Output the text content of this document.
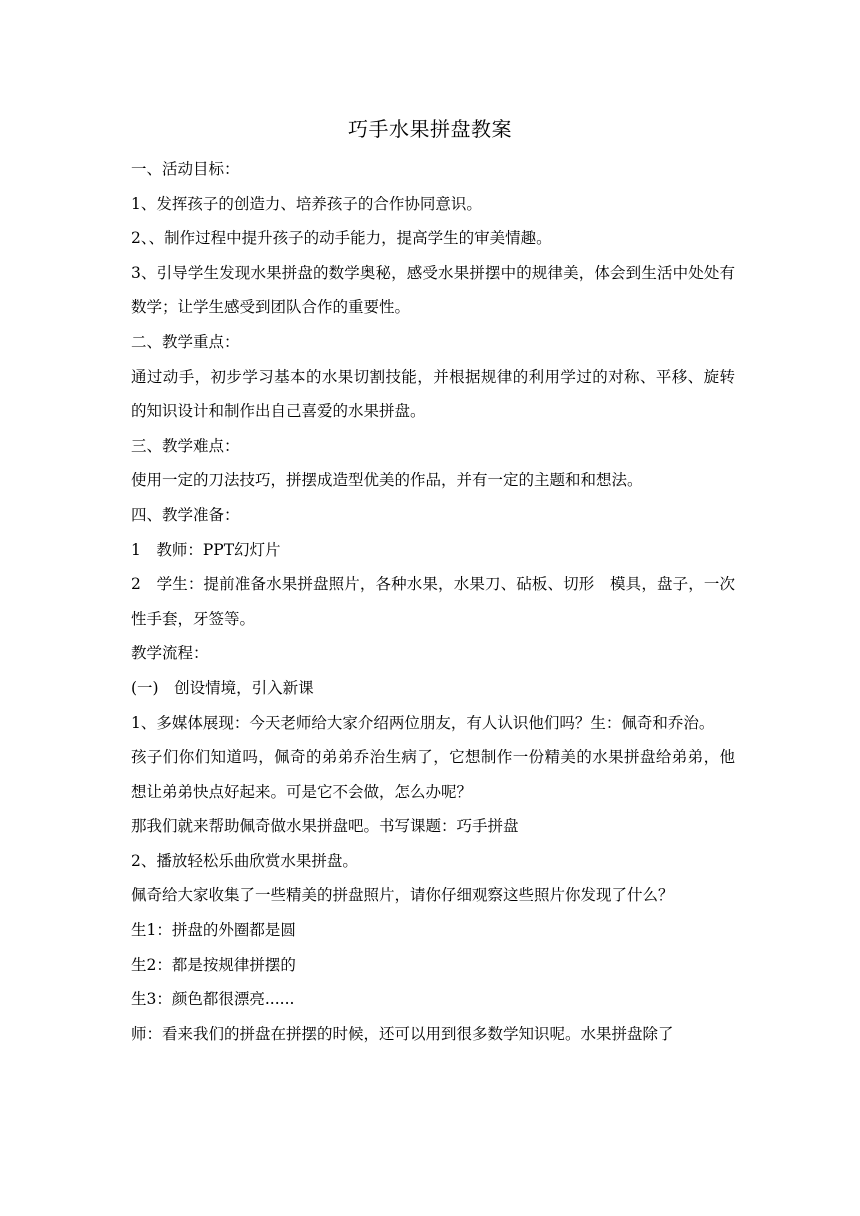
巧手水果拼盘教案

一、活动目标：

1、发挥孩子的创造力、培养孩子的合作协同意识。

2、、制作过程中提升孩子的动手能力，提高学生的审美情趣。

3、引导学生发现水果拼盘的数学奥秘，感受水果拼摆中的规律美，体会到生活中处处有数学；让学生感受到团队合作的重要性。

二、教学重点：

通过动手，初步学习基本的水果切割技能，并根据规律的利用学过的对称、平移、旋转的知识设计和制作出自己喜爱的水果拼盘。

三、教学难点：

使用一定的刀法技巧，拼摆成造型优美的作品，并有一定的主题和和想法。

四、教学准备：

1　教师：PPT幻灯片

2　学生：提前准备水果拼盘照片，各种水果，水果刀、砧板、切形　模具，盘子，一次性手套，牙签等。

教学流程：

(一)　创设情境，引入新课

1、多媒体展现：今天老师给大家介绍两位朋友，有人认识他们吗？生：佩奇和乔治。

孩子们你们知道吗，佩奇的弟弟乔治生病了，它想制作一份精美的水果拼盘给弟弟，他想让弟弟快点好起来。可是它不会做，怎么办呢？

那我们就来帮助佩奇做水果拼盘吧。书写课题：巧手拼盘

2、播放轻松乐曲欣赏水果拼盘。

佩奇给大家收集了一些精美的拼盘照片，请你仔细观察这些照片你发现了什么？

生1：拼盘的外圈都是圆

生2：都是按规律拼摆的

生3：颜色都很漂亮......

师：看来我们的拼盘在拼摆的时候，还可以用到很多数学知识呢。水果拼盘除了
